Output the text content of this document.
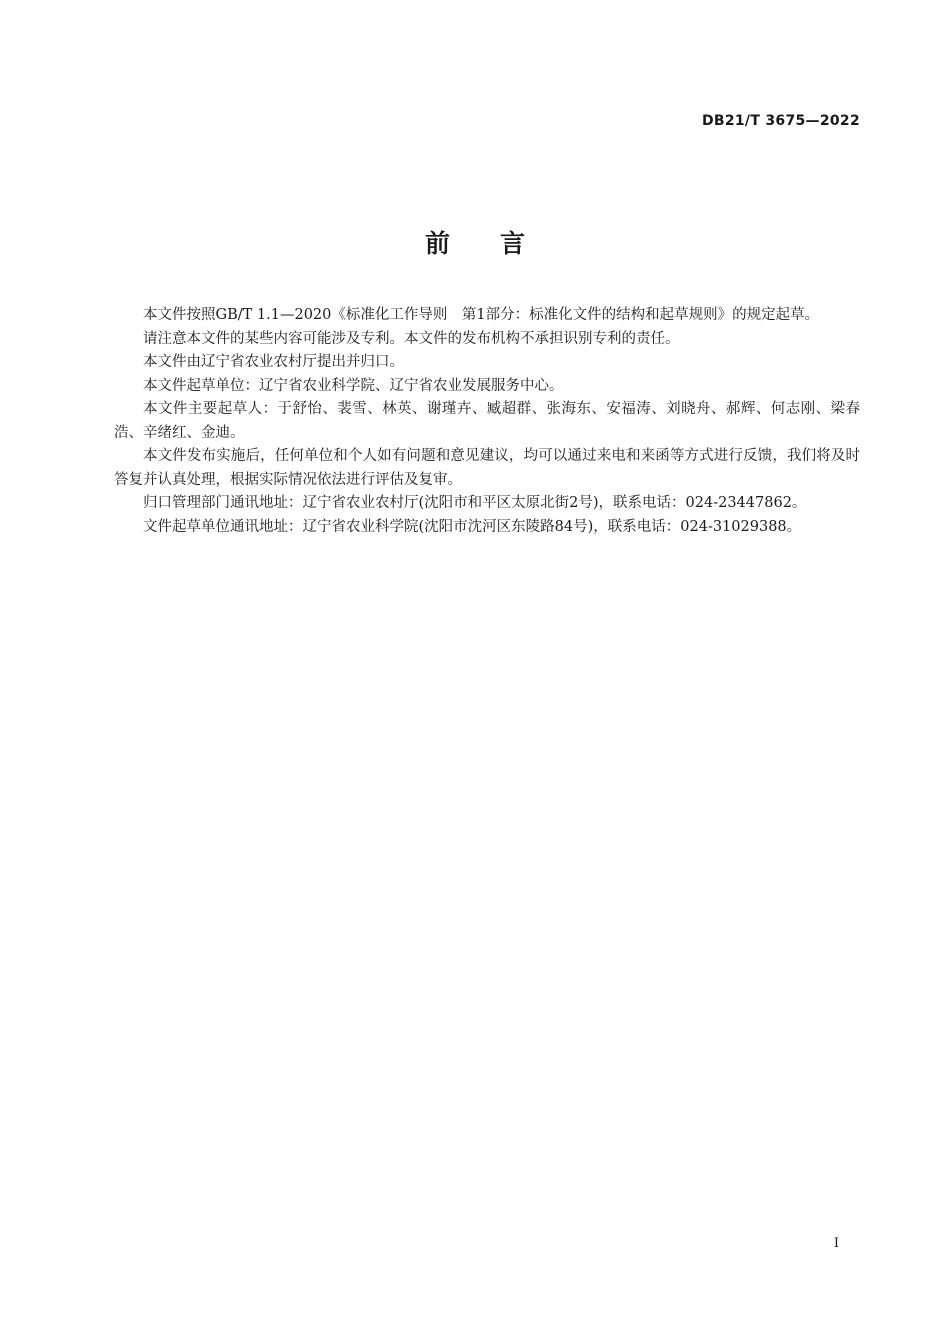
DB21/T 3675—2022
前言

本文件按照GB/T 1.1—2020《标准化工作导则　第1部分：标准化文件的结构和起草规则》的规定起草。

请注意本文件的某些内容可能涉及专利。本文件的发布机构不承担识别专利的责任。

本文件由辽宁省农业农村厅提出并归口。

本文件起草单位：辽宁省农业科学院、辽宁省农业发展服务中心。

本文件主要起草人：于舒怡、裴雪、林英、谢瑾卉、臧超群、张海东、安福涛、刘晓舟、郝辉、何志刚、梁春浩、辛绪红、金迪。

本文件发布实施后，任何单位和个人如有问题和意见建议，均可以通过来电和来函等方式进行反馈，我们将及时答复并认真处理，根据实际情况依法进行评估及复审。

归口管理部门通讯地址：辽宁省农业农村厅(沈阳市和平区太原北街2号)，联系电话：024-23447862。

文件起草单位通讯地址：辽宁省农业科学院(沈阳市沈河区东陵路84号)，联系电话：024-31029388。

I
